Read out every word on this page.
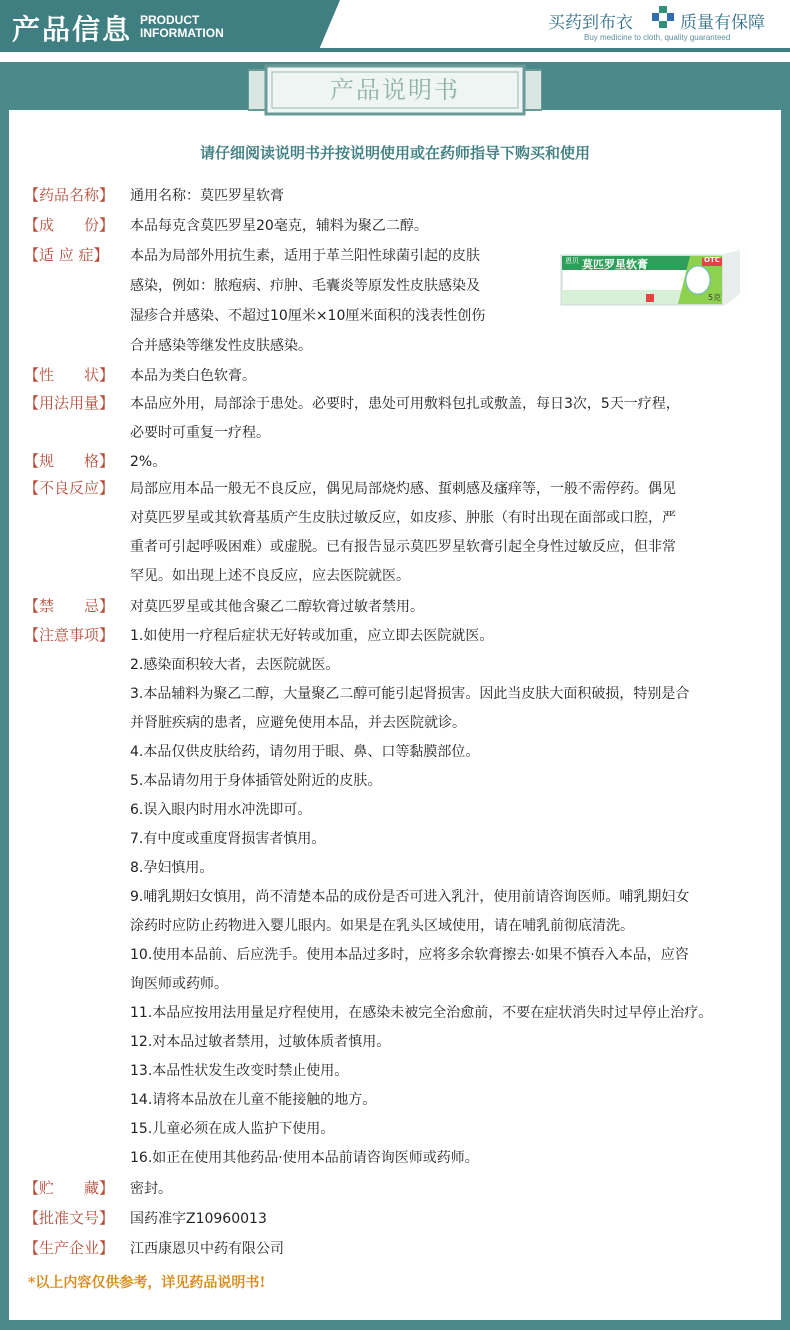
产品信息 PRODUCT
INFORMATION	买药到布衣	质量有保障
Buy medicine to cloth, quality guaranteed
产品说明书
请仔细阅读说明书并按说明使用或在药师指导下购买和使用
【药品名称】 通用名称：莫匹罗星软膏
【成　　份】 本品每克含莫匹罗星20毫克，辅料为聚乙二醇。
【适 应 症】 本品为局部外用抗生素，适用于革兰阳性球菌引起的皮肤
感染，例如：脓疱病、疖肿、毛囊炎等原发性皮肤感染及
湿疹合并感染、不超过10厘米×10厘米面积的浅表性创伤
合并感染等继发性皮肤感染。
恩贝 莫匹罗星软膏	OTC
5克
【性　　状】 本品为类白色软膏。
【用法用量】 本品应外用，局部涂于患处。必要时，患处可用敷料包扎或敷盖，每日3次，5天一疗程，
必要时可重复一疗程。
【规　　格】 2%。
【不良反应】 局部应用本品一般无不良反应，偶见局部烧灼感、蜇刺感及瘙痒等，一般不需停药。偶见
对莫匹罗星或其软膏基质产生皮肤过敏反应，如皮疹、肿胀（有时出现在面部或口腔，严
重者可引起呼吸困难）或虚脱。已有报告显示莫匹罗星软膏引起全身性过敏反应，但非常
罕见。如出现上述不良反应，应去医院就医。
【禁　　忌】 对莫匹罗星或其他含聚乙二醇软膏过敏者禁用。
【注意事项】 1.如使用一疗程后症状无好转或加重，应立即去医院就医。
2.感染面积较大者，去医院就医。
3.本品辅料为聚乙二醇，大量聚乙二醇可能引起肾损害。因此当皮肤大面积破损，特别是合
并肾脏疾病的患者，应避免使用本品，并去医院就诊。
4.本品仅供皮肤给药，请勿用于眼、鼻、口等黏膜部位。
5.本品请勿用于身体插管处附近的皮肤。
6.误入眼内时用水冲洗即可。
7.有中度或重度肾损害者慎用。
8.孕妇慎用。
9.哺乳期妇女慎用，尚不清楚本品的成份是否可进入乳汁，使用前请咨询医师。哺乳期妇女
涂药时应防止药物进入婴儿眼内。如果是在乳头区域使用，请在哺乳前彻底清洗。
10.使用本品前、后应洗手。使用本品过多时，应将多余软膏擦去·如果不慎吞入本品，应咨
询医师或药师。
11.本品应按用法用量足疗程使用，在感染未被完全治愈前，不要在症状消失时过早停止治疗。
12.对本品过敏者禁用，过敏体质者慎用。
13.本品性状发生改变时禁止使用。
14.请将本品放在儿童不能接触的地方。
15.儿童必须在成人监护下使用。
16.如正在使用其他药品·使用本品前请咨询医师或药师。
【贮　　藏】 密封。
【批准文号】 国药准字Z10960013
【生产企业】 江西康恩贝中药有限公司
*以上内容仅供参考，详见药品说明书!
